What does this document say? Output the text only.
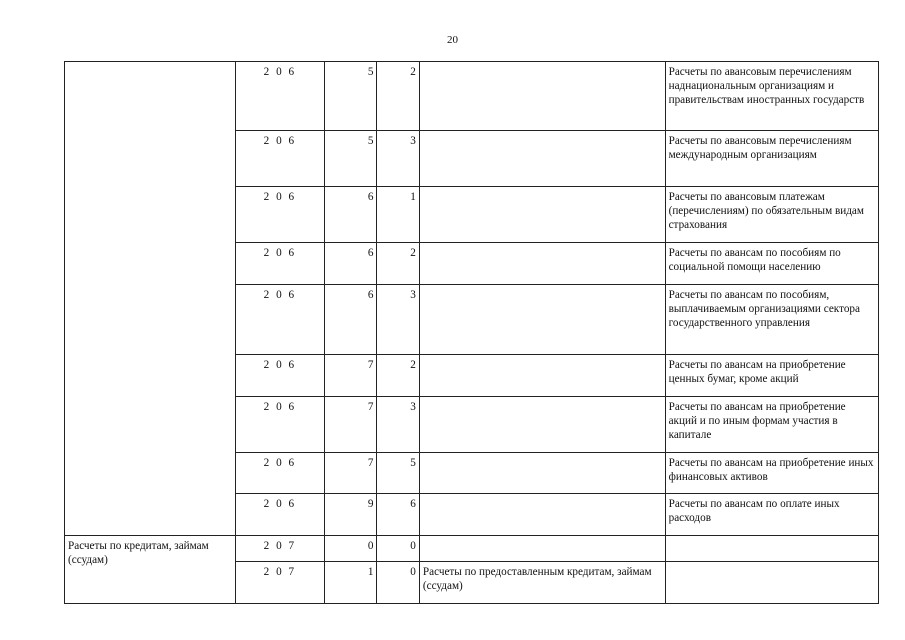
20
	2 0 6	5	2		Расчеты по авансовым перечислениям наднациональным организациям и правительствам иностранных государств
	2 0 6	5	3		Расчеты по авансовым перечислениям международным организациям
	2 0 6	6	1		Расчеты по авансовым платежам (перечислениям) по обязательным видам страхования
	2 0 6	6	2		Расчеты по авансам по пособиям по социальной помощи населению
	2 0 6	6	3		Расчеты по авансам по пособиям, выплачиваемым организациями сектора государственного управления
	2 0 6	7	2		Расчеты по авансам на приобретение ценных бумаг, кроме акций
	2 0 6	7	3		Расчеты по авансам на приобретение акций и по иным формам участия в капитале
	2 0 6	7	5		Расчеты по авансам на приобретение иных финансовых активов
	2 0 6	9	6		Расчеты по авансам по оплате иных расходов
Расчеты по кредитам, займам (ссудам)	2 0 7	0	0		
	2 0 7	1	0	Расчеты по предоставленным кредитам, займам (ссудам)	
